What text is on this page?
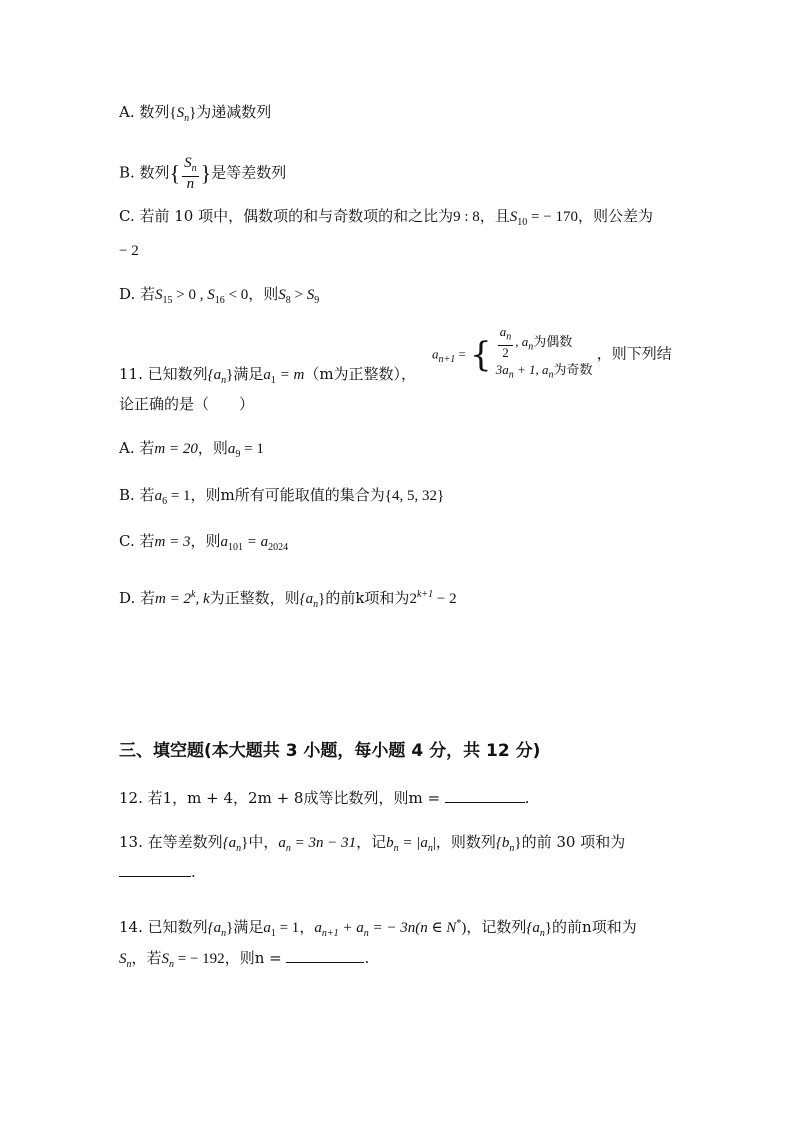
A. 数列$\{S_n\}$为递减数列
B. 数列{ $\frac{S_n}{n}$ }是等差数列
C. 若前 10 项中，偶数项的和与奇数项的和之比为9 : 8，且$S_{10}$ = − 170，则公差为
− 2
D. 若$S_{15} > 0$ , $S_{16} < 0$，则$S_8 > S_9$
11. 已知数列$\{a_n\}$满足$a_1 = m(m$为正整数），
$a_{n+1}$ = { $\frac{a_n}{2}$ , $a_n$为偶数
$3a_n + 1$, $a_n$为奇数
，则下列结
论正确的是（　　）
A. 若m = 20，则$a_9 = 1$
B. 若$a_6 = 1$，则m所有可能取值的集合为{4, 5, 32}
C. 若m = 3，则$a_{101} = a_{2024}$
D. 若$m = 2^k$, k为正整数，则$\{a_n\}$的前k项和为$2^{k+1} - 2$
三、填空题(本大题共 3 小题，每小题 4 分，共 12 分)
12. 若1，m + 4，2m + 8成等比数列，则m =	.
13. 在等差数列$\{a_n\}$中，$a_n = 3n - 31$，记$b_n = |a_n|$，则数列$\{b_n\}$的前 30 项和为
.
14. 已知数列$\{a_n\}$满足$a_1 = 1$，$a_{n+1} + a_n$ = − 3n(n ∈ N*)，记数列$\{a_n\}$的前n项和为
$S_n$，若$S_n$ = − 192，则n =	.
